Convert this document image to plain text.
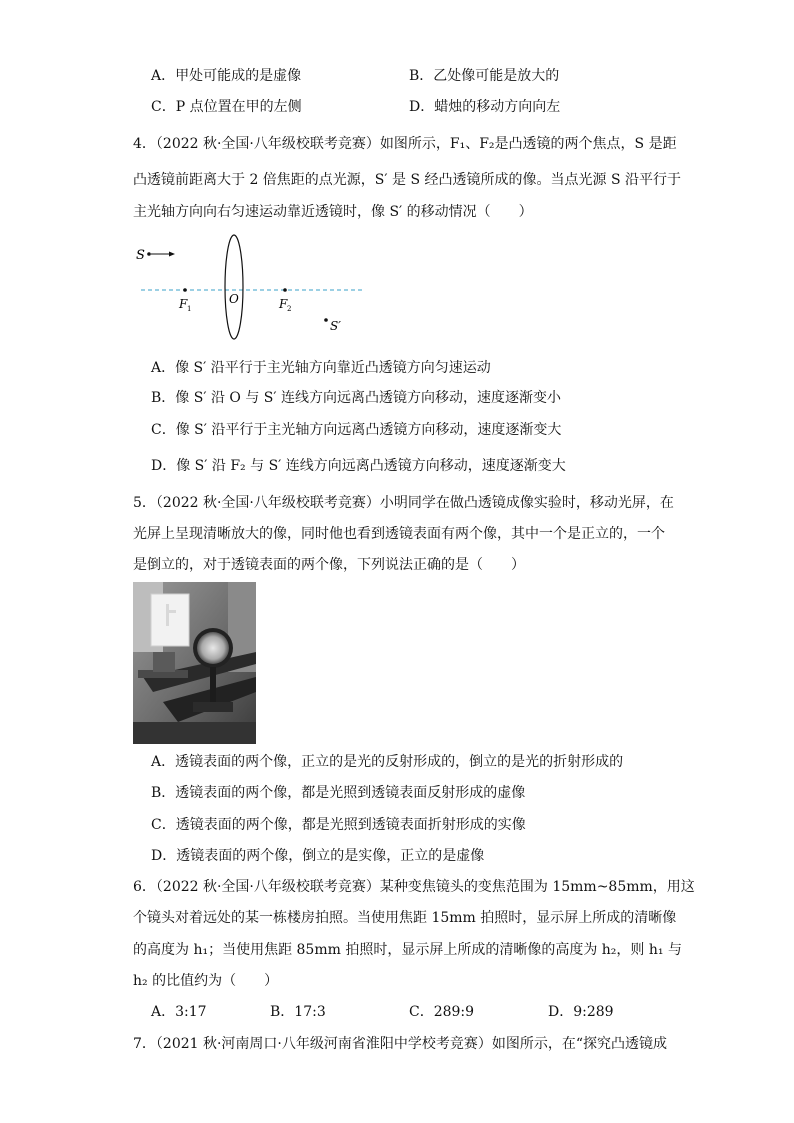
A．甲处可能成的是虚像	B．乙处像可能是放大的
C．P 点位置在甲的左侧	D．蜡烛的移动方向向左
4．（2022 秋·全国·八年级校联考竞赛）如图所示，F₁、F₂是凸透镜的两个焦点，S 是距
凸透镜前距离大于 2 倍焦距的点光源，S′ 是 S 经凸透镜所成的像。当点光源 S 沿平行于
主光轴方向向右匀速运动靠近透镜时，像 S′ 的移动情况（　　）
S
F 1
O	F 2
S′
A．像 S′ 沿平行于主光轴方向靠近凸透镜方向匀速运动
B．像 S′ 沿 O 与 S′ 连线方向远离凸透镜方向移动，速度逐渐变小
C．像 S′ 沿平行于主光轴方向远离凸透镜方向移动，速度逐渐变大
D．像 S′ 沿 F₂ 与 S′ 连线方向远离凸透镜方向移动，速度逐渐变大
5．（2022 秋·全国·八年级校联考竞赛）小明同学在做凸透镜成像实验时，移动光屏，在
光屏上呈现清晰放大的像，同时他也看到透镜表面有两个像，其中一个是正立的，一个
是倒立的，对于透镜表面的两个像，下列说法正确的是（　　）
A．透镜表面的两个像，正立的是光的反射形成的，倒立的是光的折射形成的
B．透镜表面的两个像，都是光照到透镜表面反射形成的虚像
C．透镜表面的两个像，都是光照到透镜表面折射形成的实像
D．透镜表面的两个像，倒立的是实像，正立的是虚像
6．（2022 秋·全国·八年级校联考竞赛）某种变焦镜头的变焦范围为 15mm~85mm，用这
个镜头对着远处的某一栋楼房拍照。当使用焦距 15mm 拍照时，显示屏上所成的清晰像
的高度为 h₁；当使用焦距 85mm 拍照时，显示屏上所成的清晰像的高度为 h₂，则 h₁ 与
h₂ 的比值约为（　　）
A．3:17	B．17:3	C．289:9	D．9:289
7．（2021 秋·河南周口·八年级河南省淮阳中学校考竞赛）如图所示，在“探究凸透镜成
